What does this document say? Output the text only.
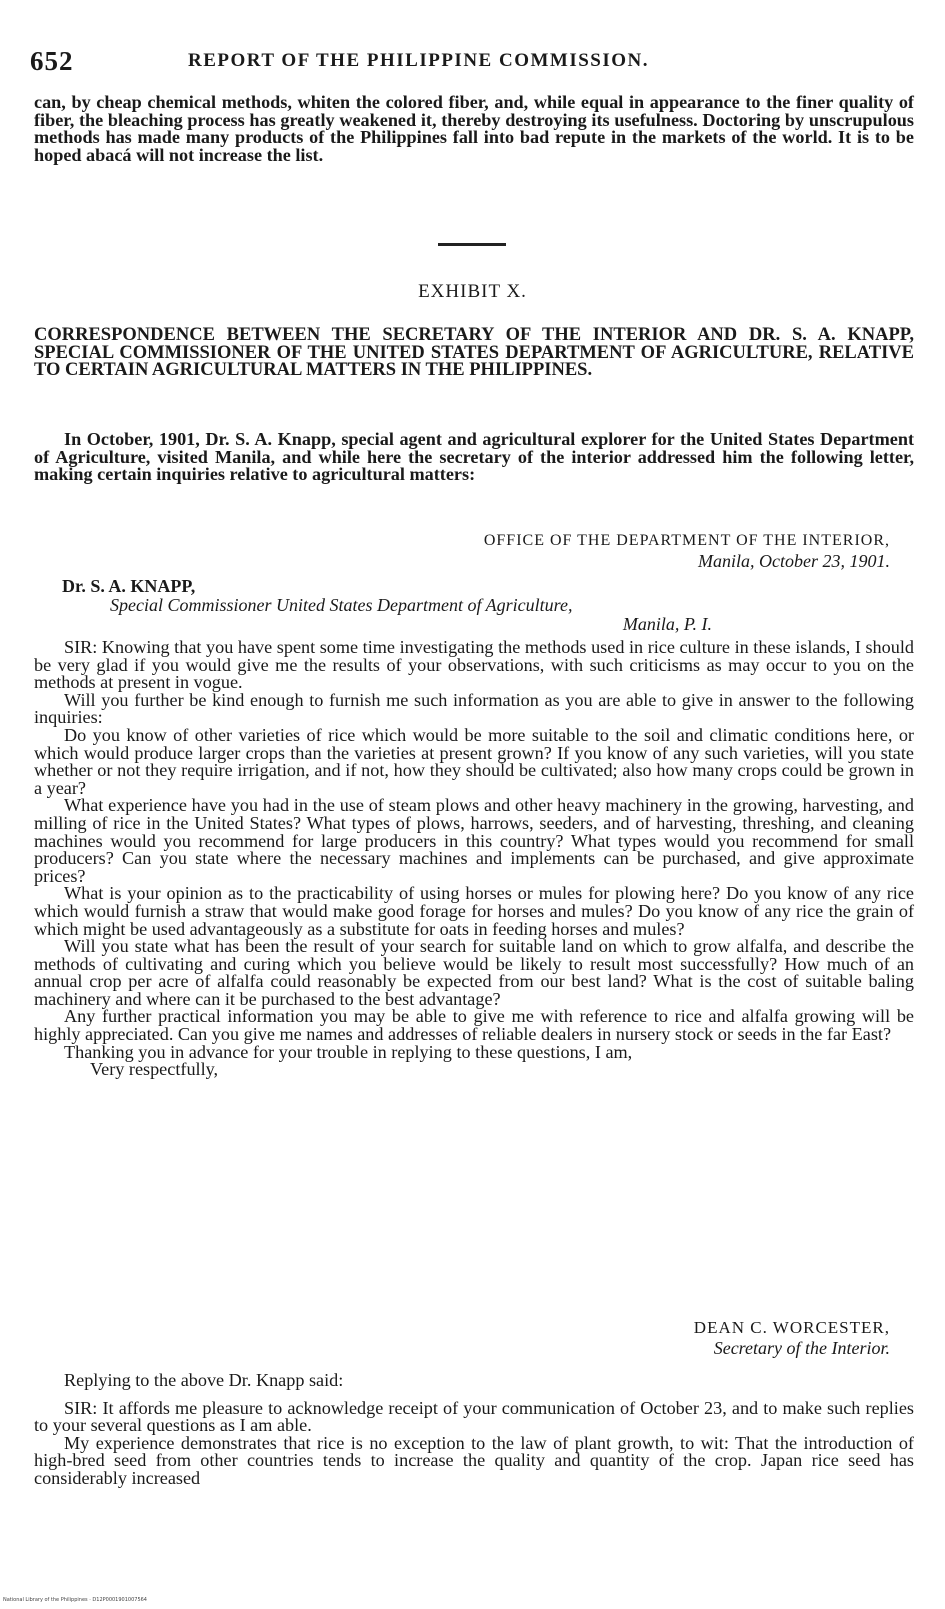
652	REPORT OF THE PHILIPPINE COMMISSION.

can, by cheap chemical methods, whiten the colored fiber, and, while equal in appearance to the finer quality of fiber, the bleaching process has greatly weakened it, thereby destroying its usefulness. Doctoring by unscrupulous methods has made many products of the Philippines fall into bad repute in the markets of the world. It is to be hoped abacá will not increase the list.

EXHIBIT X.
CORRESPONDENCE BETWEEN THE SECRETARY OF THE INTERIOR AND DR. S. A. KNAPP, SPECIAL COMMISSIONER OF THE UNITED STATES DEPARTMENT OF AGRICULTURE, RELATIVE TO CERTAIN AGRICULTURAL MATTERS IN THE PHILIPPINES.

In October, 1901, Dr. S. A. Knapp, special agent and agricultural explorer for the United States Department of Agriculture, visited Manila, and while here the secretary of the interior addressed him the following letter, making certain inquiries relative to agricultural matters:

OFFICE OF THE DEPARTMENT OF THE INTERIOR,
Manila, October 23, 1901.
Dr. S. A. KNAPP,
Special Commissioner United States Department of Agriculture,
Manila, P. I.

SIR: Knowing that you have spent some time investigating the methods used in rice culture in these islands, I should be very glad if you would give me the results of your observations, with such criticisms as may occur to you on the methods at present in vogue.

Will you further be kind enough to furnish me such information as you are able to give in answer to the following inquiries:

Do you know of other varieties of rice which would be more suitable to the soil and climatic conditions here, or which would produce larger crops than the varieties at present grown? If you know of any such varieties, will you state whether or not they require irrigation, and if not, how they should be cultivated; also how many crops could be grown in a year?

What experience have you had in the use of steam plows and other heavy machinery in the growing, harvesting, and milling of rice in the United States? What types of plows, harrows, seeders, and of harvesting, threshing, and cleaning machines would you recommend for large producers in this country? What types would you recommend for small producers? Can you state where the necessary machines and implements can be purchased, and give approximate prices?

What is your opinion as to the practicability of using horses or mules for plowing here? Do you know of any rice which would furnish a straw that would make good forage for horses and mules? Do you know of any rice the grain of which might be used advantageously as a substitute for oats in feeding horses and mules?

Will you state what has been the result of your search for suitable land on which to grow alfalfa, and describe the methods of cultivating and curing which you believe would be likely to result most successfully? How much of an annual crop per acre of alfalfa could reasonably be expected from our best land? What is the cost of suitable baling machinery and where can it be purchased to the best advantage?

Any further practical information you may be able to give me with reference to rice and alfalfa growing will be highly appreciated. Can you give me names and addresses of reliable dealers in nursery stock or seeds in the far East?

Thanking you in advance for your trouble in replying to these questions, I am,

Very respectfully,

DEAN C. WORCESTER,
Secretary of the Interior.

Replying to the above Dr. Knapp said:

SIR: It affords me pleasure to acknowledge receipt of your communication of October 23, and to make such replies to your several questions as I am able.

My experience demonstrates that rice is no exception to the law of plant growth, to wit: That the introduction of high-bred seed from other countries tends to increase the quality and quantity of the crop. Japan rice seed has considerably increased

National Library of the Philippines · D12P0001901007564
